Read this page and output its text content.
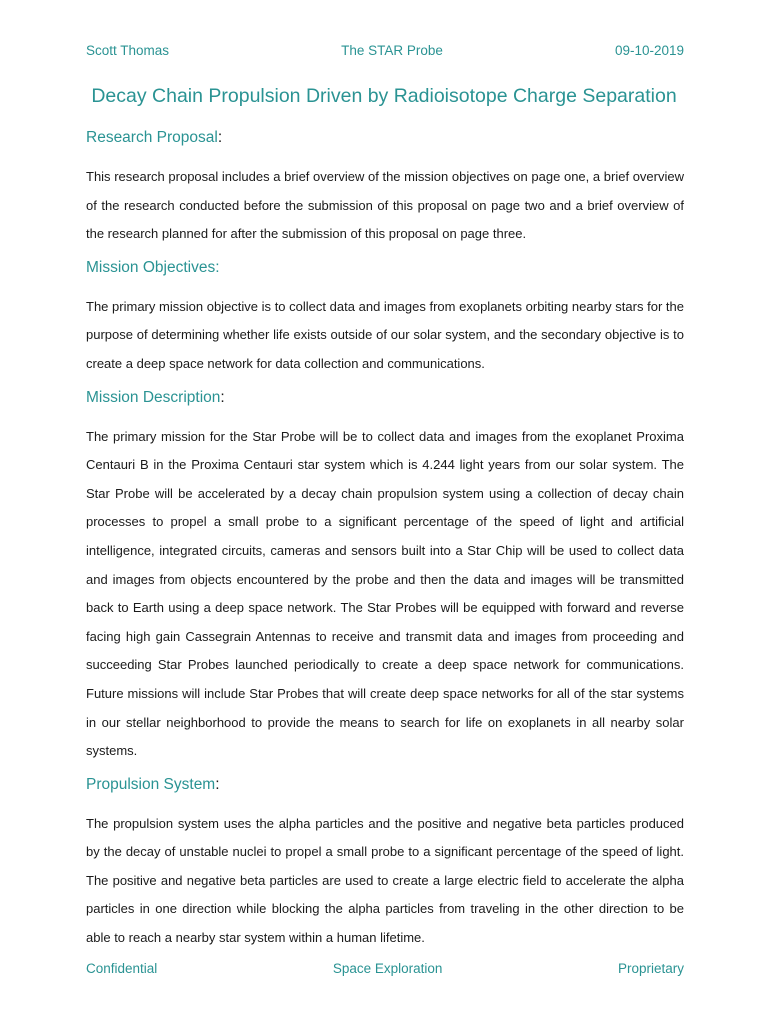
Scott Thomas	The STAR Probe	09-10-2019
Decay Chain Propulsion Driven by Radioisotope Charge Separation
Research Proposal:

This research proposal includes a brief overview of the mission objectives on page one, a brief overview of the research conducted before the submission of this proposal on page two and a brief overview of the research planned for after the submission of this proposal on page three.

Mission Objectives:

The primary mission objective is to collect data and images from exoplanets orbiting nearby stars for the purpose of determining whether life exists outside of our solar system, and the secondary objective is to create a deep space network for data collection and communications.

Mission Description:

The primary mission for the Star Probe will be to collect data and images from the exoplanet Proxima Centauri B in the Proxima Centauri star system which is 4.244 light years from our solar system. The Star Probe will be accelerated by a decay chain propulsion system using a collection of decay chain processes to propel a small probe to a significant percentage of the speed of light and artificial intelligence, integrated circuits, cameras and sensors built into a Star Chip will be used to collect data and images from objects encountered by the probe and then the data and images will be transmitted back to Earth using a deep space network. The Star Probes will be equipped with forward and reverse facing high gain Cassegrain Antennas to receive and transmit data and images from proceeding and succeeding Star Probes launched periodically to create a deep space network for communications. Future missions will include Star Probes that will create deep space networks for all of the star systems in our stellar neighborhood to provide the means to search for life on exoplanets in all nearby solar systems.

Propulsion System:

The propulsion system uses the alpha particles and the positive and negative beta particles produced by the decay of unstable nuclei to propel a small probe to a significant percentage of the speed of light. The positive and negative beta particles are used to create a large electric field to accelerate the alpha particles in one direction while blocking the alpha particles from traveling in the other direction to be able to reach a nearby star system within a human lifetime.

Confidential	Space Exploration	Proprietary
